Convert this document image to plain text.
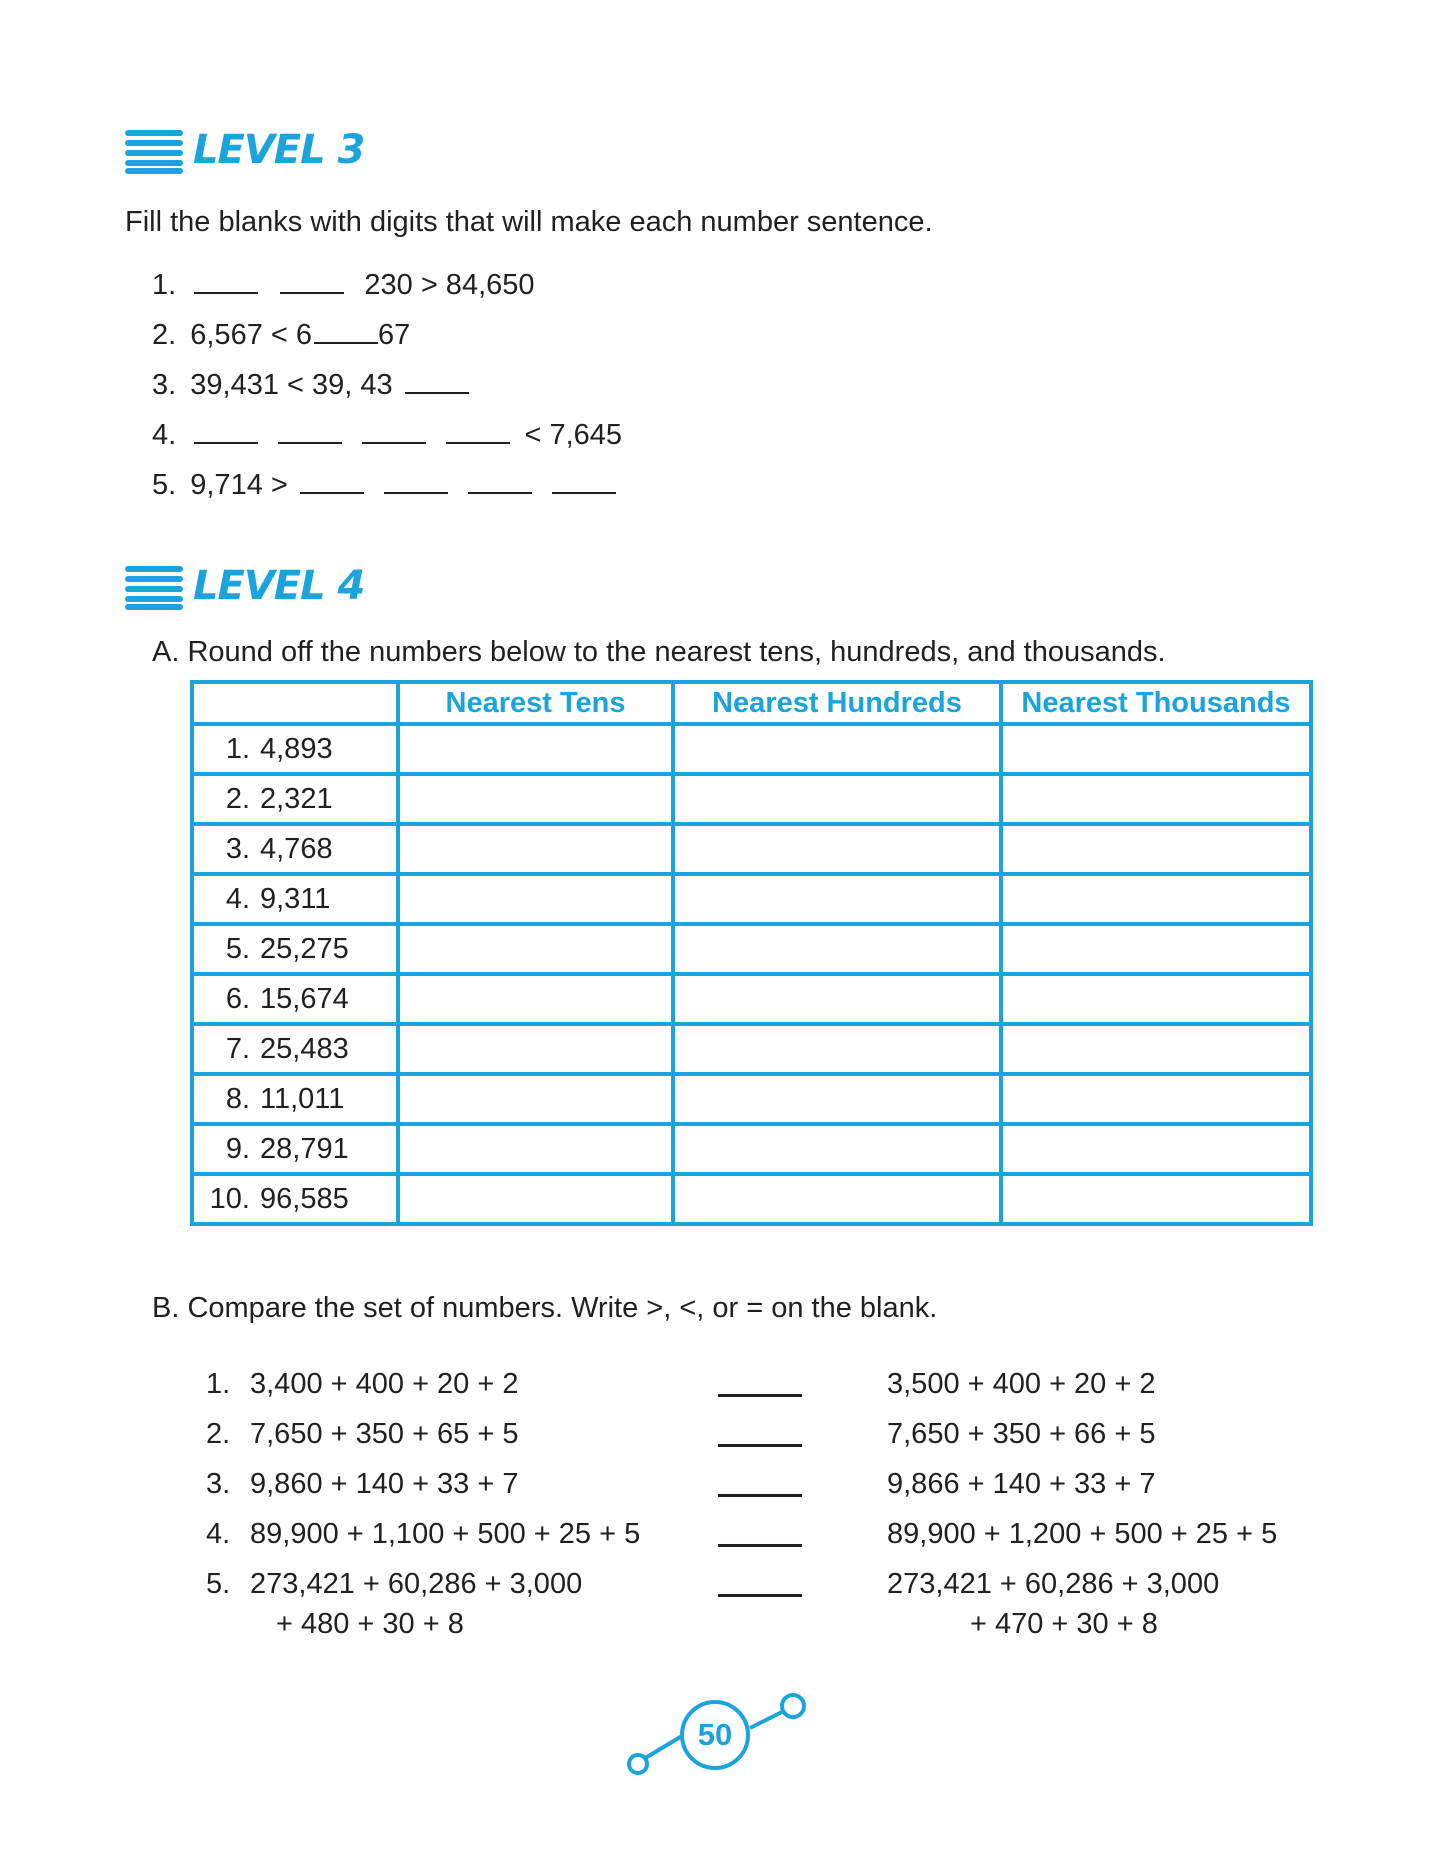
LEVEL 3
Fill the blanks with digits that will make each number sentence.
1.	230 > 84,650
2. 6,567 < 6 67
3. 39,431 < 39, 43
4.	< 7,645
5. 9,714 >
LEVEL 4
A. Round off the numbers below to the nearest tens, hundreds, and thousands.
	Nearest Tens	Nearest Hundreds	Nearest Thousands
1. 4,893			
2. 2,321			
3. 4,768			
4. 9,311			
5. 25,275			
6. 15,674			
7. 25,483			
8. 11,011			
9. 28,791			
10. 96,585			
B. Compare the set of numbers. Write >, <, or = on the blank.
1. 3,400 + 400 + 20 + 2	3,500 + 400 + 20 + 2
2. 7,650 + 350 + 65 + 5	7,650 + 350 + 66 + 5
3. 9,860 + 140 + 33 + 7	9,866 + 140 + 33 + 7
4. 89,900 + 1,100 + 500 + 25 + 5	89,900 + 1,200 + 500 + 25 + 5
5. 273,421 + 60,286 + 3,000	273,421 + 60,286 + 3,000
+ 480 + 30 + 8	+ 470 + 30 + 8
50
